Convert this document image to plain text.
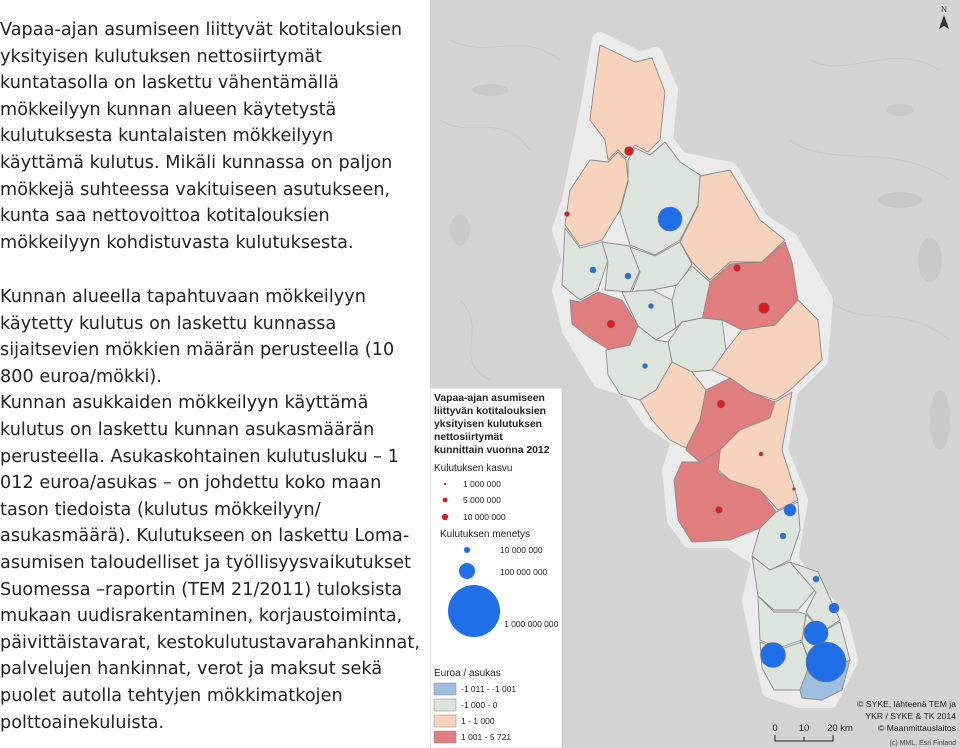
Vapaa-ajan asumiseen liittyvät kotitalouksien
yksityisen kulutuksen nettosiirtymät
kuntatasolla on laskettu vähentämällä
mökkeilyyn kunnan alueen käytetystä
kulutuksesta kuntalaisten mökkeilyyn
käyttämä kulutus. Mikäli kunnassa on paljon
mökkejä suhteessa vakituiseen asutukseen,
kunta saa nettovoittoa kotitalouksien
mökkeilyyn kohdistuvasta kulutuksesta.

Kunnan alueella tapahtuvaan mökkeilyyn
käytetty kulutus on laskettu kunnassa
sijaitsevien mökkien määrän perusteella (10
800 euroa/mökki).
Kunnan asukkaiden mökkeilyyn käyttämä
kulutus on laskettu kunnan asukasmäärän
perusteella. Asukaskohtainen kulutusluku – 1
012 euroa/asukas – on johdettu koko maan
tason tiedoista (kulutus mökkeilyyn/
asukasmäärä). Kulutukseen on laskettu Loma-
asumisen taloudelliset ja työllisyysvaikutukset
Suomessa –raportin (TEM 21/2011) tuloksista
mukaan uudisrakentaminen, korjaustoiminta,
päivittäistavarat, kestokulutustavarahankinnat,
palvelujen hankinnat, verot ja maksut sekä
puolet autolla tehtyjen mökkimatkojen
polttoainekuluista.

N
Vapaa-ajan asumiseen
liittyvän kotitalouksien
yksityisen kulutuksen
nettosiirtymät
kunnittain vuonna 2012
Kulutuksen kasvu
1 000 000
5 000 000
10 000 000
Kulutuksen menetys
10 000 000
100 000 000
1 000 000 000
Euroa / asukas
-1 011 - -1 001
-1 000 - 0
1 - 1 000
1 001 - 5 721
© SYKE, lähteenä TEM ja
YKR / SYKE & TK 2014
© Maanmittauslaitos
0 10 20 km
(c) MML, Esri Finland
